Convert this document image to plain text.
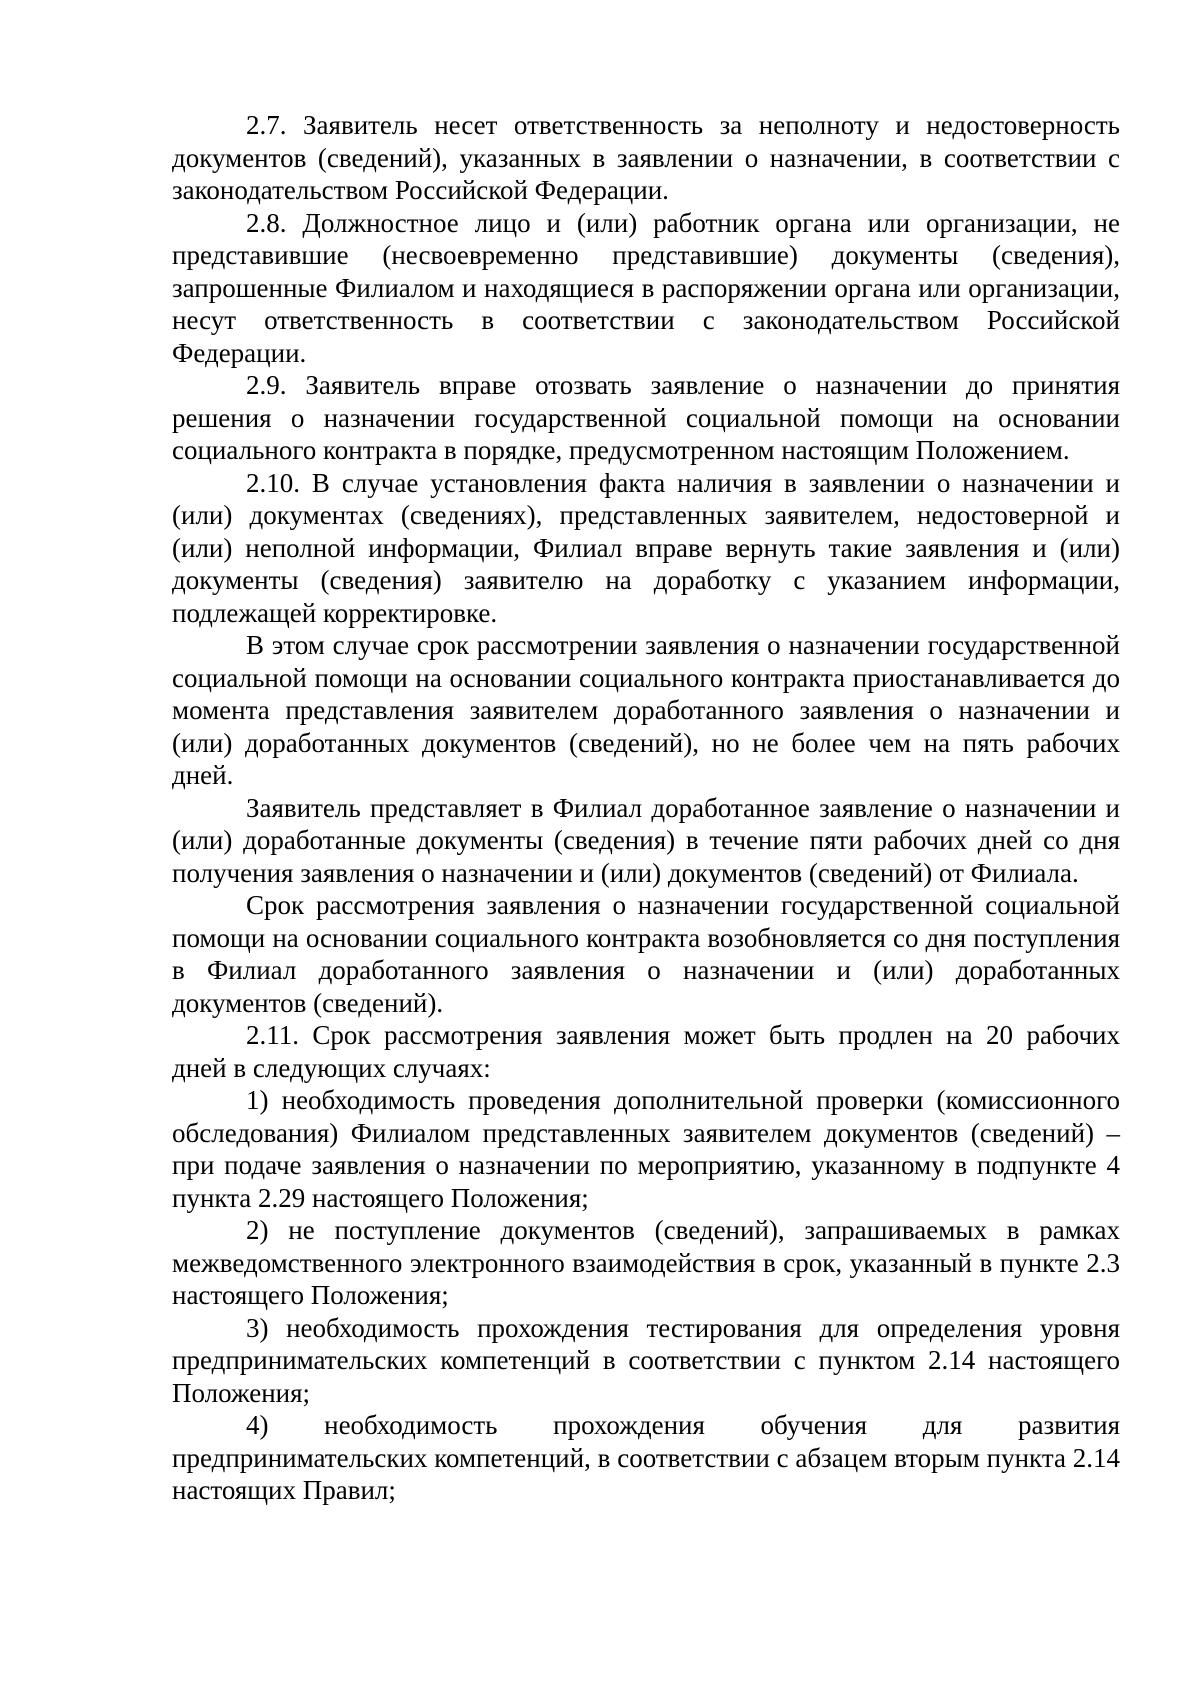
2.7. Заявитель несет ответственность за неполноту и недостоверность документов (сведений), указанных в заявлении о назначении, в соответствии с законодательством Российской Федерации.

2.8. Должностное лицо и (или) работник органа или организации, не представившие (несвоевременно представившие) документы (сведения), запрошенные Филиалом и находящиеся в распоряжении органа или организации, несут ответственность в соответствии с законодательством Российской Федерации.

2.9. Заявитель вправе отозвать заявление о назначении до принятия решения о назначении государственной социальной помощи на основании социального контракта в порядке, предусмотренном настоящим Положением.

2.10. В случае установления факта наличия в заявлении о назначении и (или) документах (сведениях), представленных заявителем, недостоверной и (или) неполной информации, Филиал вправе вернуть такие заявления и (или) документы (сведения) заявителю на доработку с указанием информации, подлежащей корректировке.

В этом случае срок рассмотрении заявления о назначении государственной социальной помощи на основании социального контракта приостанавливается до момента представления заявителем доработанного заявления о назначении и (или) доработанных документов (сведений), но не более чем на пять рабочих дней.

Заявитель представляет в Филиал доработанное заявление о назначении и (или) доработанные документы (сведения) в течение пяти рабочих дней со дня получения заявления о назначении и (или) документов (сведений) от Филиала.

Срок рассмотрения заявления о назначении государственной социальной помощи на основании социального контракта возобновляется со дня поступления в Филиал доработанного заявления о назначении и (или) доработанных документов (сведений).

2.11. Срок рассмотрения заявления может быть продлен на 20 рабочих дней в следующих случаях:

1) необходимость проведения дополнительной проверки (комиссионного обследования) Филиалом представленных заявителем документов (сведений) – при подаче заявления о назначении по мероприятию, указанному в подпункте 4 пункта 2.29 настоящего Положения;

2) не поступление документов (сведений), запрашиваемых в рамках межведомственного электронного взаимодействия в срок, указанный в пункте 2.3 настоящего Положения;

3) необходимость прохождения тестирования для определения уровня предпринимательских компетенций в соответствии с пунктом 2.14 настоящего Положения;

4) необходимость прохождения обучения для развития предпринимательских компетенций, в соответствии с абзацем вторым пункта 2.14 настоящих Правил;
